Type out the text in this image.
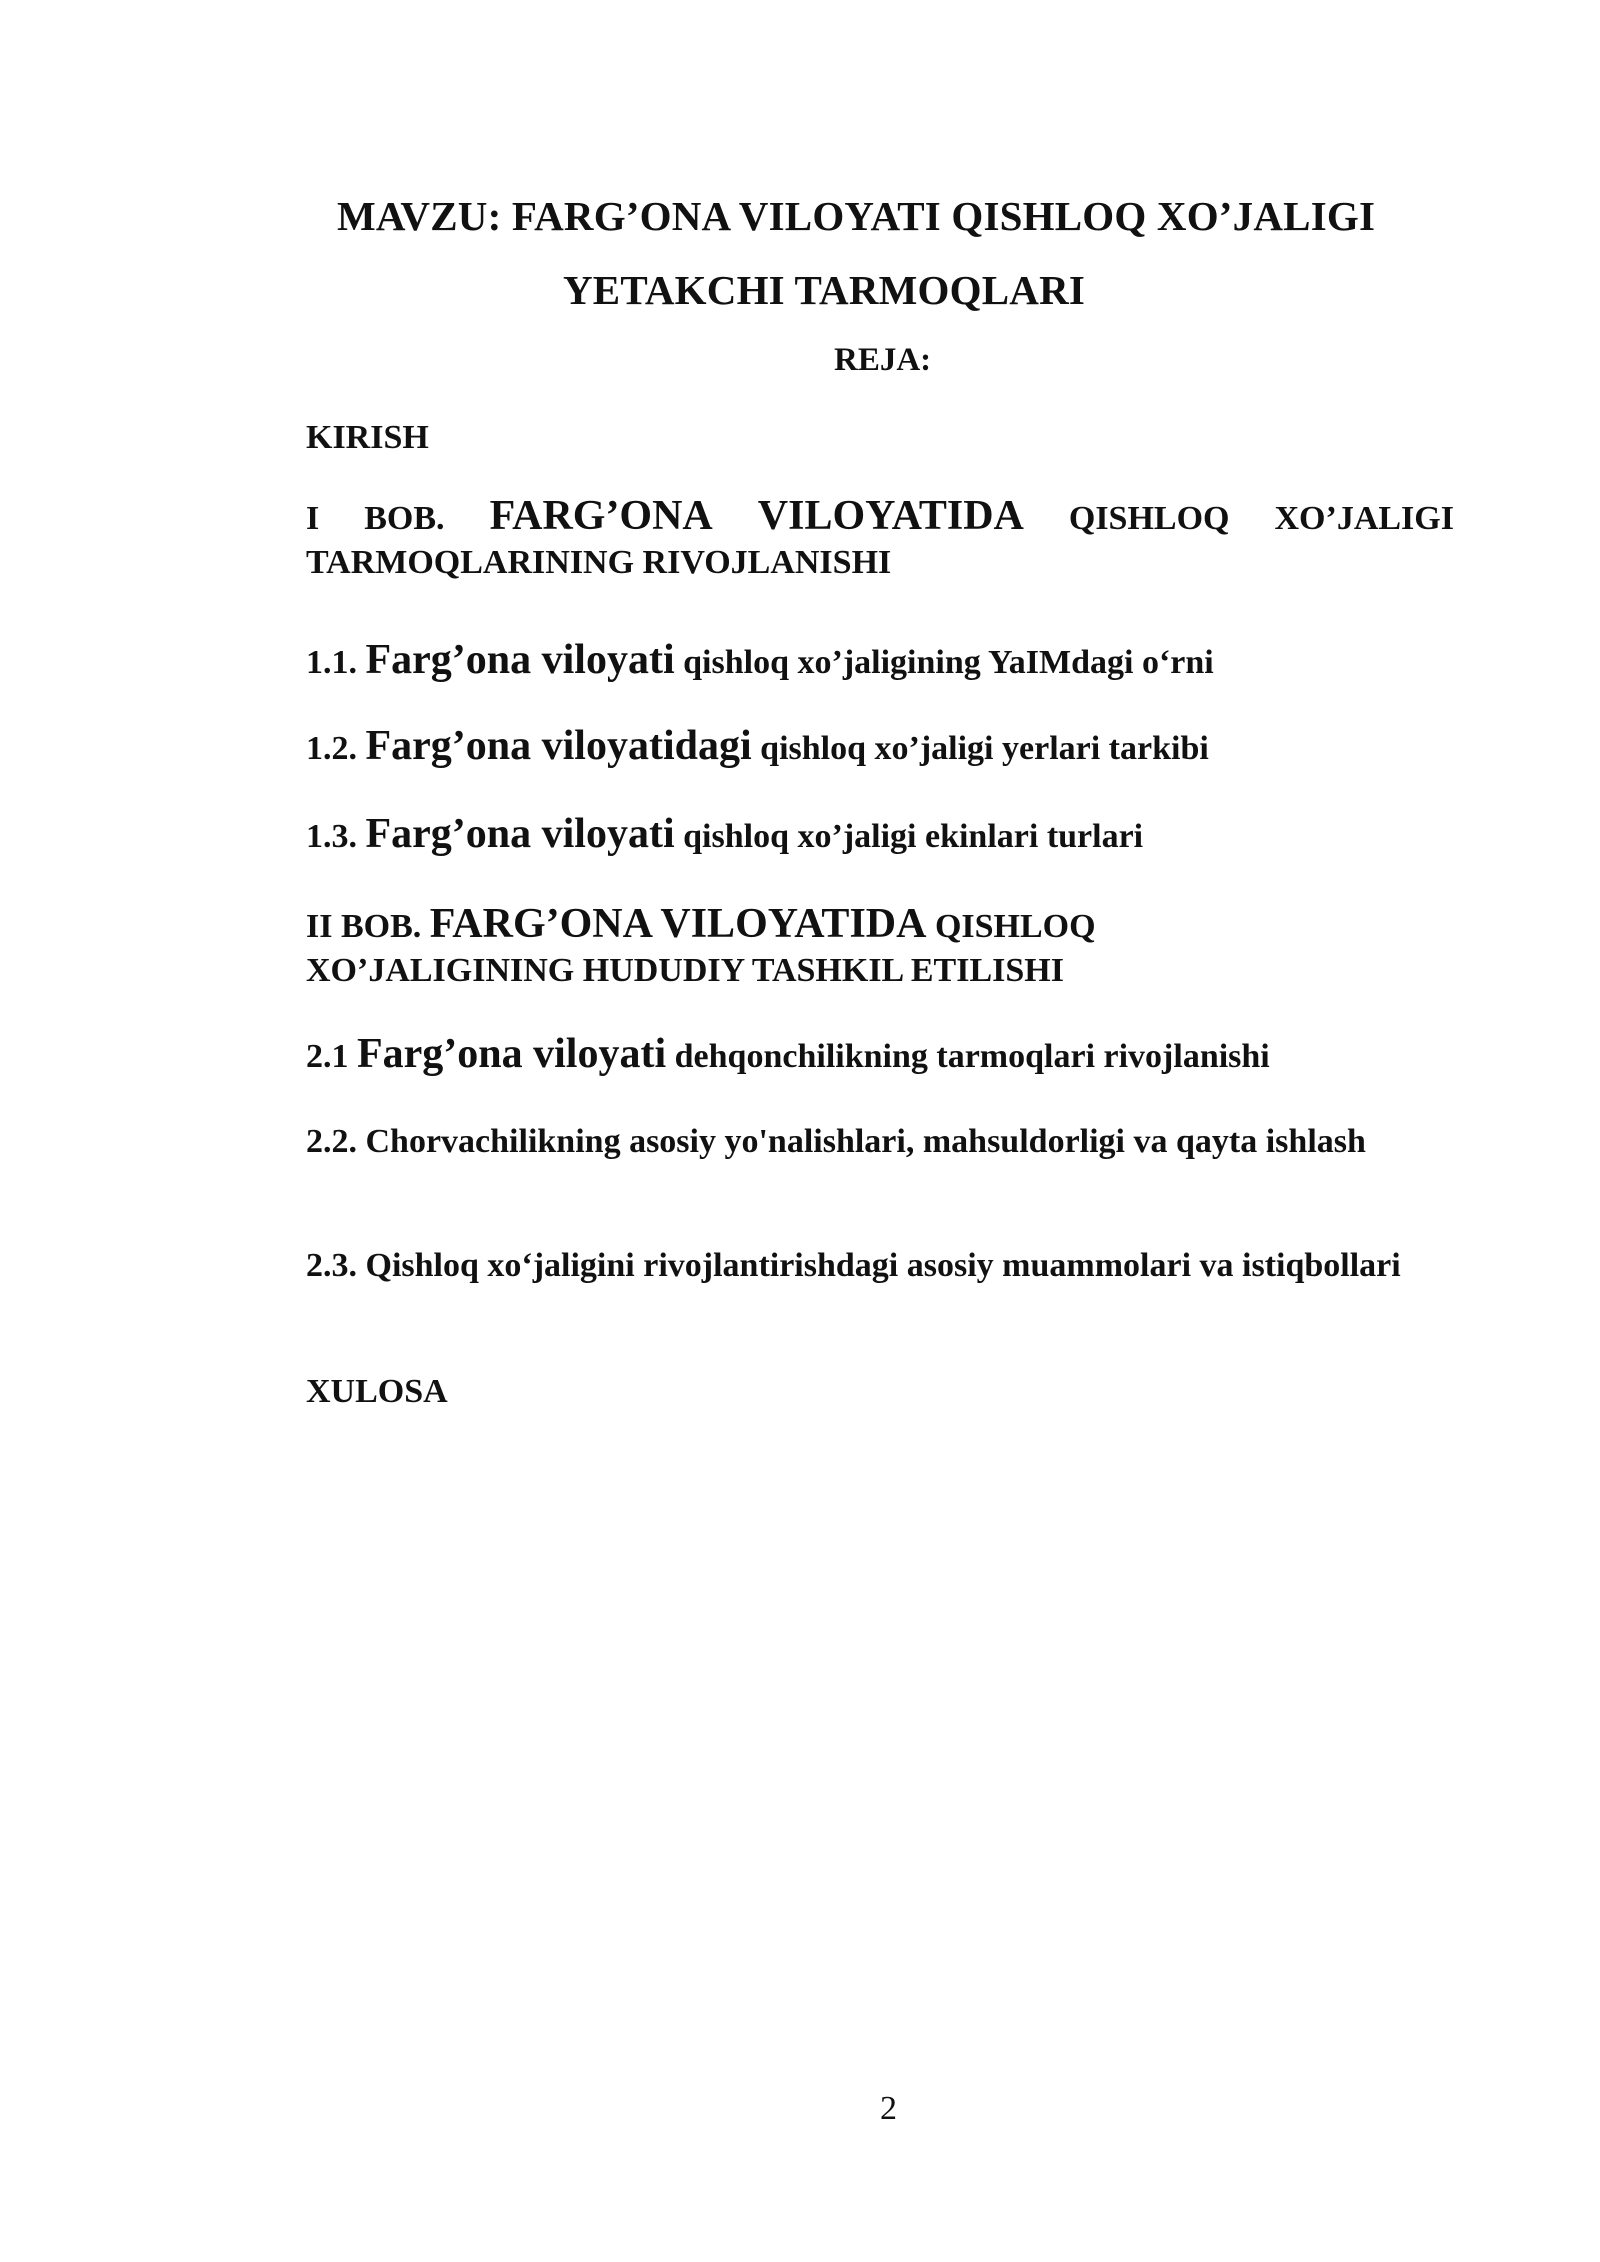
MAVZU: FARG’ONA VILOYATI QISHLOQ XO’JALIGI
YETAKCHI TARMOQLARI
REJA:
KIRISH
I BOB. FARG’ONA VILOYATIDA QISHLOQ XO’JALIGI
TARMOQLARINING RIVOJLANISHI
1.1. Farg’ona viloyati qishloq xo’jaligining YaIMdagi o‘rni
1.2. Farg’ona viloyatidagi qishloq xo’jaligi yerlari tarkibi
1.3. Farg’ona viloyati qishloq xo’jaligi ekinlari turlari
II BOB. FARG’ONA VILOYATIDA QISHLOQ
XO’JALIGINING HUDUDIY TASHKIL ETILISHI
2.1 Farg’ona viloyati dehqonchilikning tarmoqlari rivojlanishi
2.2. Chorvachilikning asosiy yo'nalishlari, mahsuldorligi va qayta ishlash
2.3. Qishloq xo‘jaligini rivojlantirishdagi asosiy muammolari va istiqbollari
XULOSA
2
